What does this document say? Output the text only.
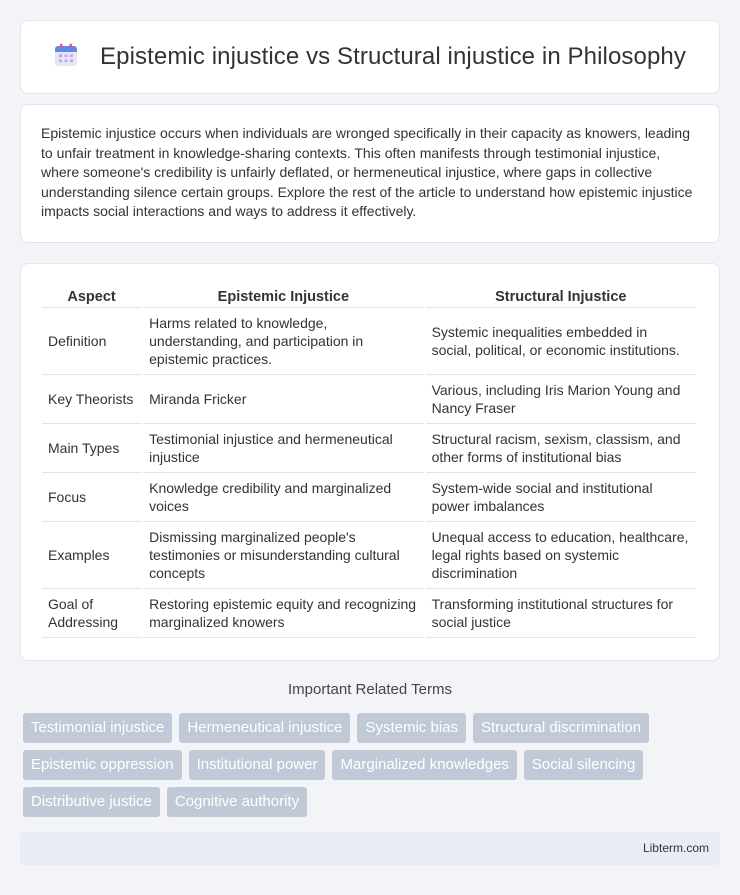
Epistemic injustice vs Structural injustice in Philosophy

Epistemic injustice occurs when individuals are wronged specifically in their capacity as knowers, leading to unfair treatment in knowledge-sharing contexts. This often manifests through testimonial injustice, where someone's credibility is unfairly deflated, or hermeneutical injustice, where gaps in collective understanding silence certain groups. Explore the rest of the article to understand how epistemic injustice impacts social interactions and ways to address it effectively.

Aspect	Epistemic Injustice	Structural Injustice
Definition	Harms related to knowledge, understanding, and participation in epistemic practices.	Systemic inequalities embedded in social, political, or economic institutions.
Key Theorists	Miranda Fricker	Various, including Iris Marion Young and Nancy Fraser
Main Types	Testimonial injustice and hermeneutical injustice	Structural racism, sexism, classism, and other forms of institutional bias
Focus	Knowledge credibility and marginalized voices	System-wide social and institutional power imbalances
Examples	Dismissing marginalized people's testimonies or misunderstanding cultural concepts	Unequal access to education, healthcare, legal rights based on systemic discrimination
Goal of Addressing	Restoring epistemic equity and recognizing marginalized knowers	Transforming institutional structures for social justice
Important Related Terms
Testimonial injustice	Hermeneutical injustice	Systemic bias	Structural discrimination
Epistemic oppression	Institutional power	Marginalized knowledges	Social silencing
Distributive justice	Cognitive authority
Libterm.com
